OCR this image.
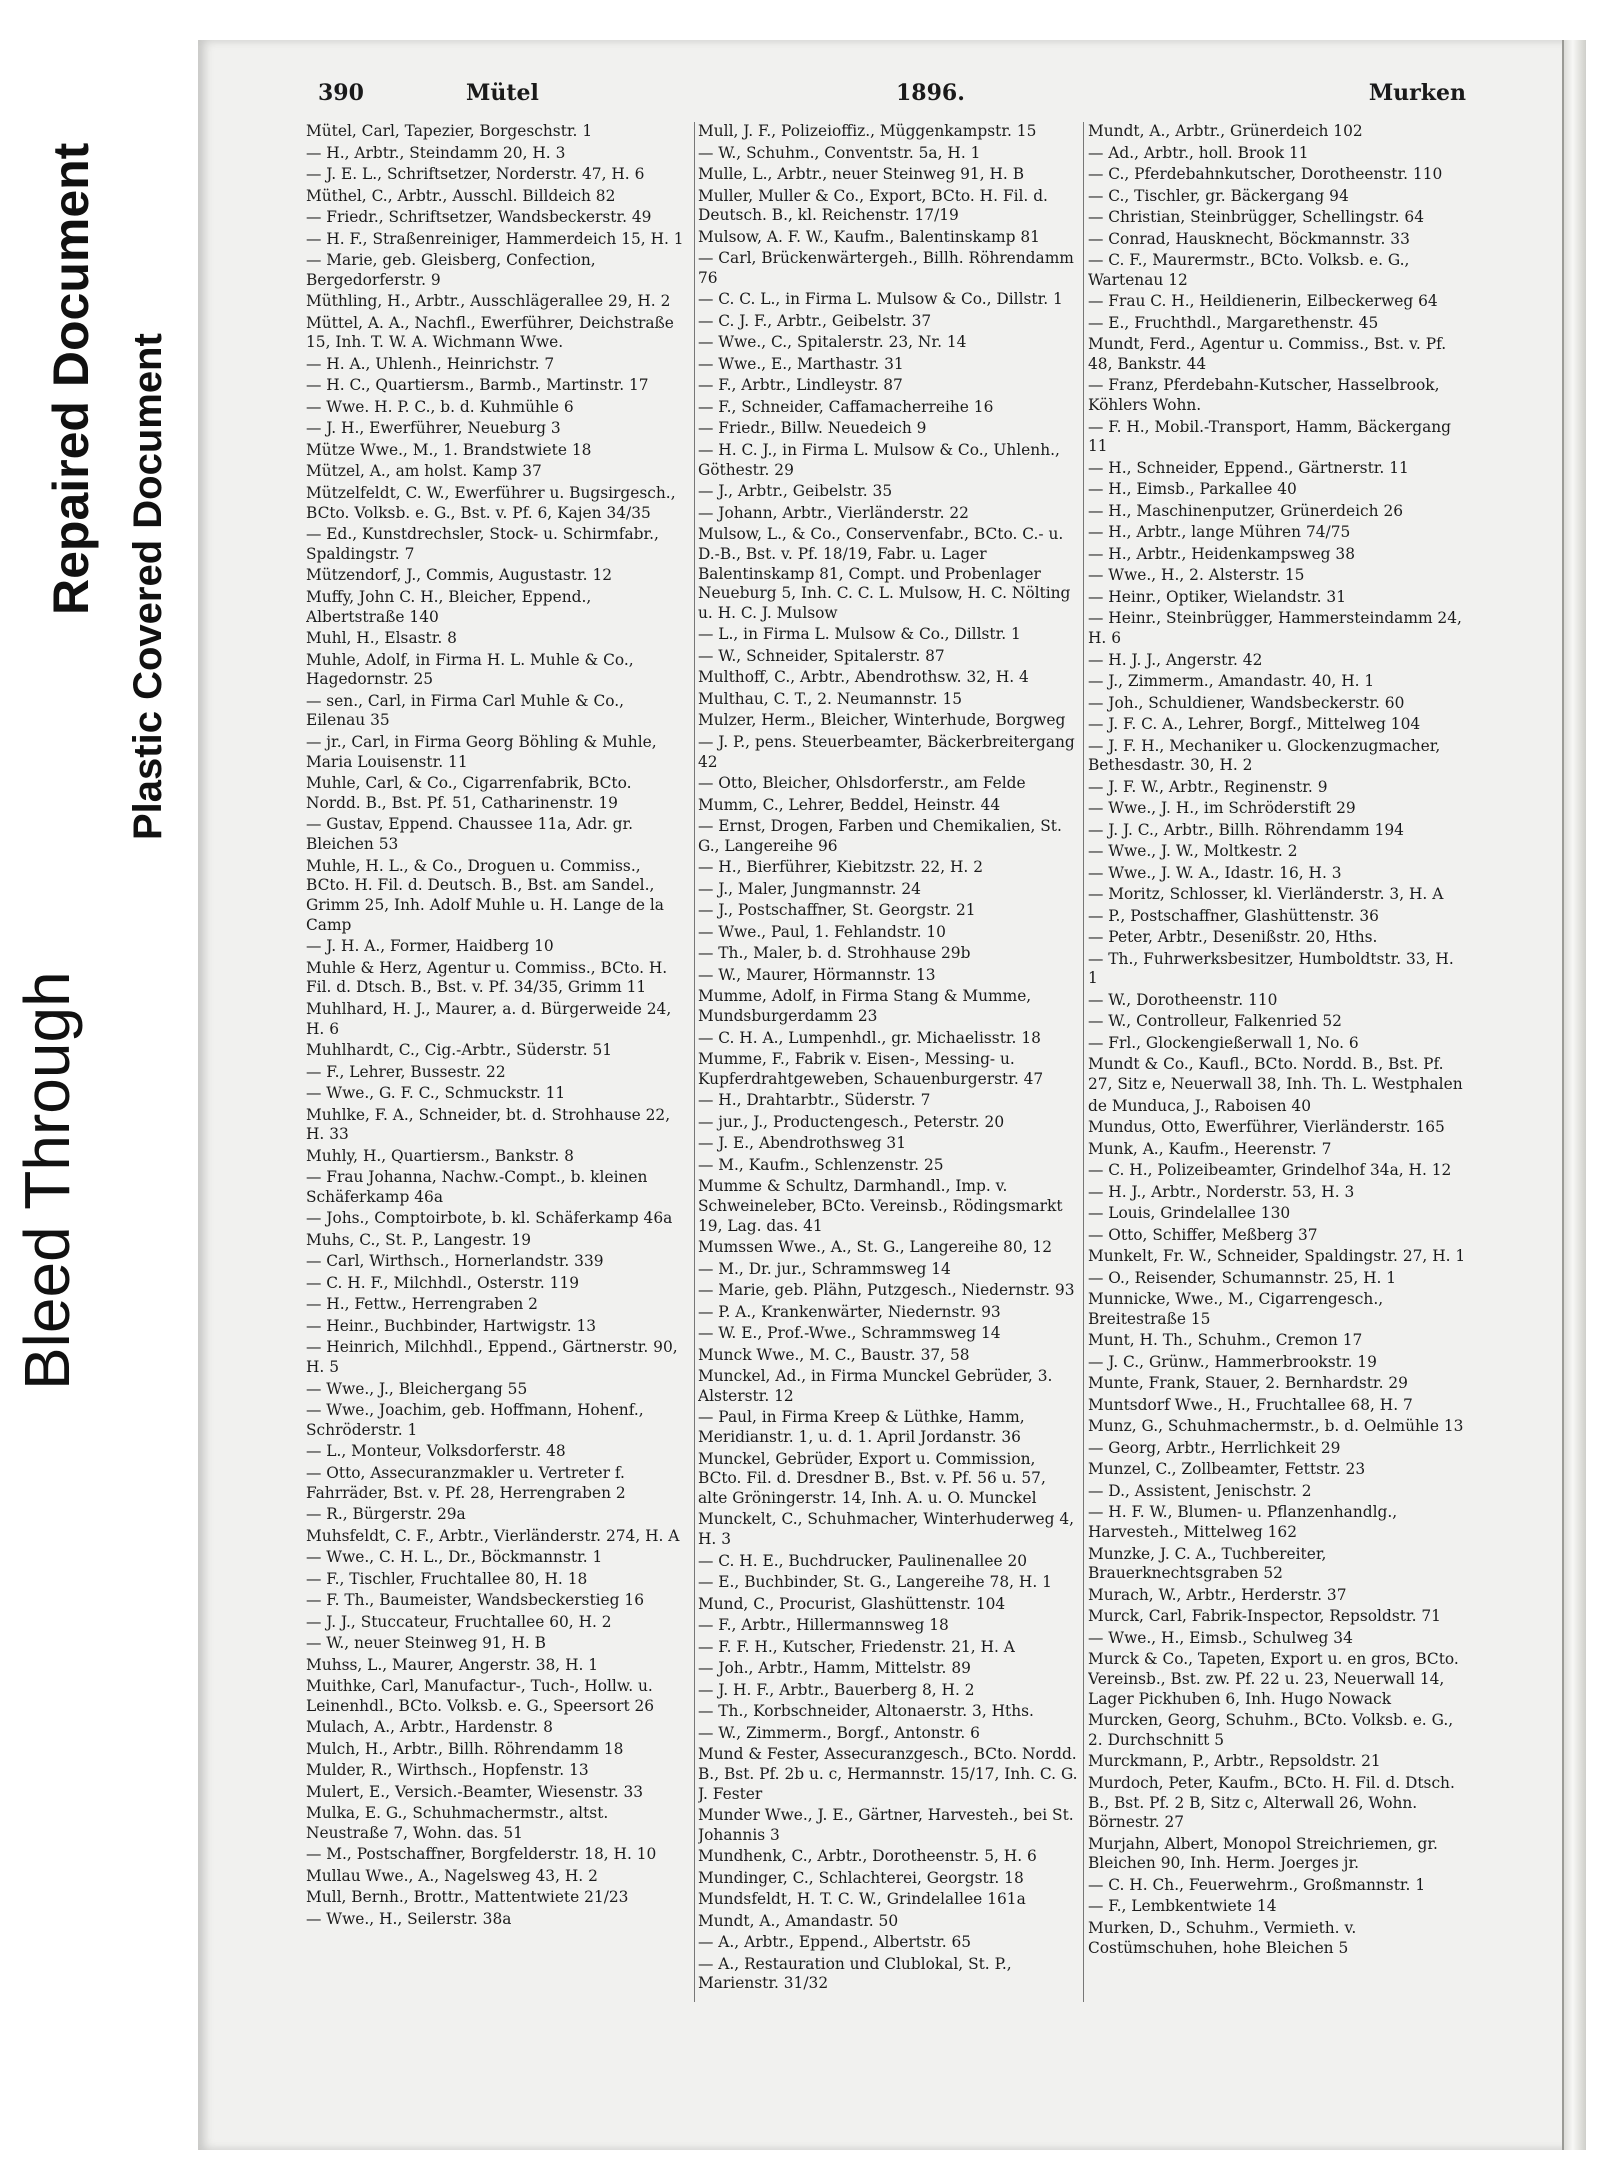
Bleed Through
Repaired Document Plastic Covered Document
390	Mütel	1896.	Murken
Mütel, Carl, Tapezier, Borgeschstr. 1
— H., Arbtr., Steindamm 20, H. 3
— J. E. L., Schriftsetzer, Norderstr. 47, H. 6
Müthel, C., Arbtr., Ausschl. Billdeich 82
— Friedr., Schriftsetzer, Wandsbeckerstr. 49
— H. F., Straßenreiniger, Hammerdeich 15, H. 1
— Marie, geb. Gleisberg, Confection, Bergedorferstr. 9
Müthling, H., Arbtr., Ausschlägerallee 29, H. 2
Müttel, A. A., Nachfl., Ewerführer, Deichstraße 15, Inh. T. W. A. Wichmann Wwe.
— H. A., Uhlenh., Heinrichstr. 7
— H. C., Quartiersm., Barmb., Martinstr. 17
— Wwe. H. P. C., b. d. Kuhmühle 6
— J. H., Ewerführer, Neueburg 3
Mütze Wwe., M., 1. Brandstwiete 18
Mützel, A., am holst. Kamp 37
Mützelfeldt, C. W., Ewerführer u. Bugsirgesch., BCto. Volksb. e. G., Bst. v. Pf. 6, Kajen 34/35
— Ed., Kunstdrechsler, Stock- u. Schirmfabr., Spaldingstr. 7
Mützendorf, J., Commis, Augustastr. 12
Muffy, John C. H., Bleicher, Eppend., Albertstraße 140
Muhl, H., Elsastr. 8
Muhle, Adolf, in Firma H. L. Muhle & Co., Hagedornstr. 25
— sen., Carl, in Firma Carl Muhle & Co., Eilenau 35
— jr., Carl, in Firma Georg Böhling & Muhle, Maria Louisenstr. 11
Muhle, Carl, & Co., Cigarrenfabrik, BCto. Nordd. B., Bst. Pf. 51, Catharinenstr. 19
— Gustav, Eppend. Chaussee 11a, Adr. gr. Bleichen 53
Muhle, H. L., & Co., Droguen u. Commiss., BCto. H. Fil. d. Deutsch. B., Bst. am Sandel., Grimm 25, Inh. Adolf Muhle u. H. Lange de la Camp
— J. H. A., Former, Haidberg 10
Muhle & Herz, Agentur u. Commiss., BCto. H. Fil. d. Dtsch. B., Bst. v. Pf. 34/35, Grimm 11
Muhlhard, H. J., Maurer, a. d. Bürgerweide 24, H. 6
Muhlhardt, C., Cig.-Arbtr., Süderstr. 51
— F., Lehrer, Bussestr. 22
— Wwe., G. F. C., Schmuckstr. 11
Muhlke, F. A., Schneider, bt. d. Strohhause 22, H. 33
Muhly, H., Quartiersm., Bankstr. 8
— Frau Johanna, Nachw.-Compt., b. kleinen Schäferkamp 46a
— Johs., Comptoirbote, b. kl. Schäferkamp 46a
Muhs, C., St. P., Langestr. 19
— Carl, Wirthsch., Hornerlandstr. 339
— C. H. F., Milchhdl., Osterstr. 119
— H., Fettw., Herrengraben 2
— Heinr., Buchbinder, Hartwigstr. 13
— Heinrich, Milchhdl., Eppend., Gärtnerstr. 90, H. 5
— Wwe., J., Bleichergang 55
— Wwe., Joachim, geb. Hoffmann, Hohenf., Schröderstr. 1
— L., Monteur, Volksdorferstr. 48
— Otto, Assecuranzmakler u. Vertreter f. Fahrräder, Bst. v. Pf. 28, Herrengraben 2
— R., Bürgerstr. 29a
Muhsfeldt, C. F., Arbtr., Vierländerstr. 274, H. A
— Wwe., C. H. L., Dr., Böckmannstr. 1
— F., Tischler, Fruchtallee 80, H. 18
— F. Th., Baumeister, Wandsbeckerstieg 16
— J. J., Stuccateur, Fruchtallee 60, H. 2
— W., neuer Steinweg 91, H. B
Muhss, L., Maurer, Angerstr. 38, H. 1
Muithke, Carl, Manufactur-, Tuch-, Hollw. u. Leinenhdl., BCto. Volksb. e. G., Speersort 26
Mulach, A., Arbtr., Hardenstr. 8
Mulch, H., Arbtr., Billh. Röhrendamm 18
Mulder, R., Wirthsch., Hopfenstr. 13
Mulert, E., Versich.-Beamter, Wiesenstr. 33
Mulka, E. G., Schuhmachermstr., altst. Neustraße 7, Wohn. das. 51
— M., Postschaffner, Borgfelderstr. 18, H. 10
Mullau Wwe., A., Nagelsweg 43, H. 2
Mull, Bernh., Brottr., Mattentwiete 21/23
— Wwe., H., Seilerstr. 38a
Mull, J. F., Polizeioffiz., Müggenkampstr. 15
— W., Schuhm., Conventstr. 5a, H. 1
Mulle, L., Arbtr., neuer Steinweg 91, H. B
Muller, Muller & Co., Export, BCto. H. Fil. d. Deutsch. B., kl. Reichenstr. 17/19
Mulsow, A. F. W., Kaufm., Balentinskamp 81
— Carl, Brückenwärtergeh., Billh. Röhrendamm 76
— C. C. L., in Firma L. Mulsow & Co., Dillstr. 1
— C. J. F., Arbtr., Geibelstr. 37
— Wwe., C., Spitalerstr. 23, Nr. 14
— Wwe., E., Marthastr. 31
— F., Arbtr., Lindleystr. 87
— F., Schneider, Caffamacherreihe 16
— Friedr., Billw. Neuedeich 9
— H. C. J., in Firma L. Mulsow & Co., Uhlenh., Göthestr. 29
— J., Arbtr., Geibelstr. 35
— Johann, Arbtr., Vierländerstr. 22
Mulsow, L., & Co., Conservenfabr., BCto. C.- u. D.-B., Bst. v. Pf. 18/19, Fabr. u. Lager Balentinskamp 81, Compt. und Probenlager Neueburg 5, Inh. C. C. L. Mulsow, H. C. Nölting u. H. C. J. Mulsow
— L., in Firma L. Mulsow & Co., Dillstr. 1
— W., Schneider, Spitalerstr. 87
Multhoff, C., Arbtr., Abendrothsw. 32, H. 4
Multhau, C. T., 2. Neumannstr. 15
Mulzer, Herm., Bleicher, Winterhude, Borgweg
— J. P., pens. Steuerbeamter, Bäckerbreitergang 42
— Otto, Bleicher, Ohlsdorferstr., am Felde
Mumm, C., Lehrer, Beddel, Heinstr. 44
— Ernst, Drogen, Farben und Chemikalien, St. G., Langereihe 96
— H., Bierführer, Kiebitzstr. 22, H. 2
— J., Maler, Jungmannstr. 24
— J., Postschaffner, St. Georgstr. 21
— Wwe., Paul, 1. Fehlandstr. 10
— Th., Maler, b. d. Strohhause 29b
— W., Maurer, Hörmannstr. 13
Mumme, Adolf, in Firma Stang & Mumme, Mundsburgerdamm 23
— C. H. A., Lumpenhdl., gr. Michaelisstr. 18
Mumme, F., Fabrik v. Eisen-, Messing- u. Kupferdrahtgeweben, Schauenburgerstr. 47
— H., Drahtarbtr., Süderstr. 7
— jur., J., Productengesch., Peterstr. 20
— J. E., Abendrothsweg 31
— M., Kaufm., Schlenzenstr. 25
Mumme & Schultz, Darmhandl., Imp. v. Schweineleber, BCto. Vereinsb., Rödingsmarkt 19, Lag. das. 41
Mumssen Wwe., A., St. G., Langereihe 80, 12
— M., Dr. jur., Schrammsweg 14
— Marie, geb. Plähn, Putzgesch., Niedernstr. 93
— P. A., Krankenwärter, Niedernstr. 93
— W. E., Prof.-Wwe., Schrammsweg 14
Munck Wwe., M. C., Baustr. 37, 58
Munckel, Ad., in Firma Munckel Gebrüder, 3. Alsterstr. 12
— Paul, in Firma Kreep & Lüthke, Hamm, Meridianstr. 1, u. d. 1. April Jordanstr. 36
Munckel, Gebrüder, Export u. Commission, BCto. Fil. d. Dresdner B., Bst. v. Pf. 56 u. 57, alte Gröningerstr. 14, Inh. A. u. O. Munckel
Munckelt, C., Schuhmacher, Winterhuderweg 4, H. 3
— C. H. E., Buchdrucker, Paulinenallee 20
— E., Buchbinder, St. G., Langereihe 78, H. 1
Mund, C., Procurist, Glashüttenstr. 104
— F., Arbtr., Hillermannsweg 18
— F. F. H., Kutscher, Friedenstr. 21, H. A
— Joh., Arbtr., Hamm, Mittelstr. 89
— J. H. F., Arbtr., Bauerberg 8, H. 2
— Th., Korbschneider, Altonaerstr. 3, Hths.
— W., Zimmerm., Borgf., Antonstr. 6
Mund & Fester, Assecuranzgesch., BCto. Nordd. B., Bst. Pf. 2b u. c, Hermannstr. 15/17, Inh. C. G. J. Fester
Munder Wwe., J. E., Gärtner, Harvesteh., bei St. Johannis 3
Mundhenk, C., Arbtr., Dorotheenstr. 5, H. 6
Mundinger, C., Schlachterei, Georgstr. 18
Mundsfeldt, H. T. C. W., Grindelallee 161a
Mundt, A., Amandastr. 50
— A., Arbtr., Eppend., Albertstr. 65
— A., Restauration und Clublokal, St. P., Marienstr. 31/32
Mundt, A., Arbtr., Grünerdeich 102
— Ad., Arbtr., holl. Brook 11
— C., Pferdebahnkutscher, Dorotheenstr. 110
— C., Tischler, gr. Bäckergang 94
— Christian, Steinbrügger, Schellingstr. 64
— Conrad, Hausknecht, Böckmannstr. 33
— C. F., Maurermstr., BCto. Volksb. e. G., Wartenau 12
— Frau C. H., Heildienerin, Eilbeckerweg 64
— E., Fruchthdl., Margarethenstr. 45
Mundt, Ferd., Agentur u. Commiss., Bst. v. Pf. 48, Bankstr. 44
— Franz, Pferdebahn-Kutscher, Hasselbrook, Köhlers Wohn.
— F. H., Mobil.-Transport, Hamm, Bäckergang 11
— H., Schneider, Eppend., Gärtnerstr. 11
— H., Eimsb., Parkallee 40
— H., Maschinenputzer, Grünerdeich 26
— H., Arbtr., lange Mühren 74/75
— H., Arbtr., Heidenkampsweg 38
— Wwe., H., 2. Alsterstr. 15
— Heinr., Optiker, Wielandstr. 31
— Heinr., Steinbrügger, Hammersteindamm 24, H. 6
— H. J. J., Angerstr. 42
— J., Zimmerm., Amandastr. 40, H. 1
— Joh., Schuldiener, Wandsbeckerstr. 60
— J. F. C. A., Lehrer, Borgf., Mittelweg 104
— J. F. H., Mechaniker u. Glockenzugmacher, Bethesdastr. 30, H. 2
— J. F. W., Arbtr., Reginenstr. 9
— Wwe., J. H., im Schröderstift 29
— J. J. C., Arbtr., Billh. Röhrendamm 194
— Wwe., J. W., Moltkestr. 2
— Wwe., J. W. A., Idastr. 16, H. 3
— Moritz, Schlosser, kl. Vierländerstr. 3, H. A
— P., Postschaffner, Glashüttenstr. 36
— Peter, Arbtr., Desenißstr. 20, Hths.
— Th., Fuhrwerksbesitzer, Humboldtstr. 33, H. 1
— W., Dorotheenstr. 110
— W., Controlleur, Falkenried 52
— Frl., Glockengießerwall 1, No. 6
Mundt & Co., Kaufl., BCto. Nordd. B., Bst. Pf. 27, Sitz e, Neuerwall 38, Inh. Th. L. Westphalen
de Munduca, J., Raboisen 40
Mundus, Otto, Ewerführer, Vierländerstr. 165
Munk, A., Kaufm., Heerenstr. 7
— C. H., Polizeibeamter, Grindelhof 34a, H. 12
— H. J., Arbtr., Norderstr. 53, H. 3
— Louis, Grindelallee 130
— Otto, Schiffer, Meßberg 37
Munkelt, Fr. W., Schneider, Spaldingstr. 27, H. 1
— O., Reisender, Schumannstr. 25, H. 1
Munnicke, Wwe., M., Cigarrengesch., Breitestraße 15
Munt, H. Th., Schuhm., Cremon 17
— J. C., Grünw., Hammerbrookstr. 19
Munte, Frank, Stauer, 2. Bernhardstr. 29
Muntsdorf Wwe., H., Fruchtallee 68, H. 7
Munz, G., Schuhmachermstr., b. d. Oelmühle 13
— Georg, Arbtr., Herrlichkeit 29
Munzel, C., Zollbeamter, Fettstr. 23
— D., Assistent, Jenischstr. 2
— H. F. W., Blumen- u. Pflanzenhandlg., Harvesteh., Mittelweg 162
Munzke, J. C. A., Tuchbereiter, Brauerknechtsgraben 52
Murach, W., Arbtr., Herderstr. 37
Murck, Carl, Fabrik-Inspector, Repsoldstr. 71
— Wwe., H., Eimsb., Schulweg 34
Murck & Co., Tapeten, Export u. en gros, BCto. Vereinsb., Bst. zw. Pf. 22 u. 23, Neuerwall 14, Lager Pickhuben 6, Inh. Hugo Nowack
Murcken, Georg, Schuhm., BCto. Volksb. e. G., 2. Durchschnitt 5
Murckmann, P., Arbtr., Repsoldstr. 21
Murdoch, Peter, Kaufm., BCto. H. Fil. d. Dtsch. B., Bst. Pf. 2 B, Sitz c, Alterwall 26, Wohn. Börnestr. 27
Murjahn, Albert, Monopol Streichriemen, gr. Bleichen 90, Inh. Herm. Joerges jr.
— C. H. Ch., Feuerwehrm., Großmannstr. 1
— F., Lembkentwiete 14
Murken, D., Schuhm., Vermieth. v. Costümschuhen, hohe Bleichen 5
